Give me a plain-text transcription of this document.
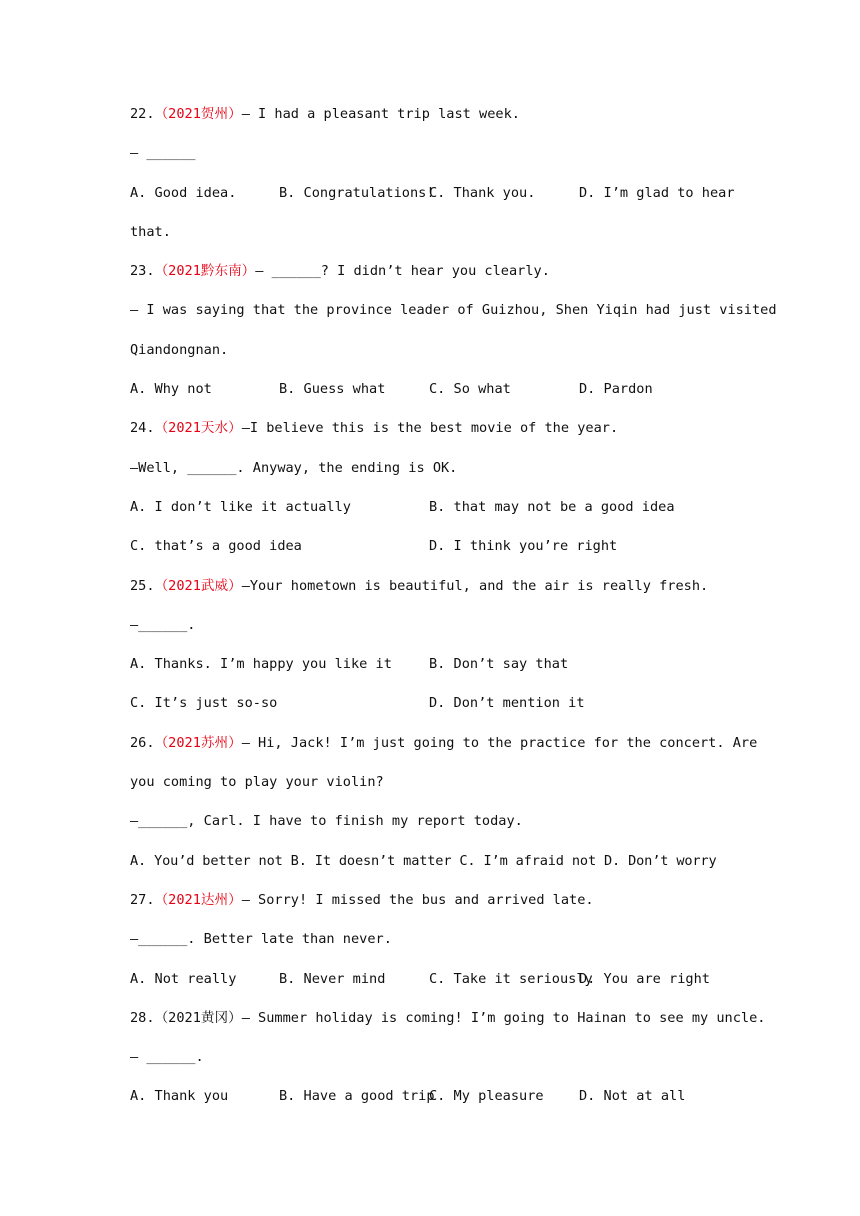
22.（2021贺州）— I had a pleasant trip last week.
— ______
A. Good idea.	B. Congratulations!
C. Thank you.	D. I’m glad to hear
that.
23.（2021黔东南）— ______? I didn’t hear you clearly.
— I was saying that the province leader of Guizhou, Shen Yiqin had just visited
Qiandongnan.
A. Why not	B. Guess what	C. So what	D. Pardon
24.（2021天水）—I believe this is the best movie of the year.
—Well, ______. Anyway, the ending is OK.
A. I don’t like it actually	B. that may not be a good idea
C. that’s a good idea	D. I think you’re right
25.（2021武威）—Your hometown is beautiful, and the air is really fresh.
—______.
A. Thanks. I’m happy you like it	B. Don’t say that
C. It’s just so-so	D. Don’t mention it
26.（2021苏州）— Hi, Jack! I’m just going to the practice for the concert. Are
you coming to play your violin?
—______, Carl. I have to finish my report today.
A. You’d better not B. It doesn’t matter C. I’m afraid not D. Don’t worry
27.（2021达州）— Sorry! I missed the bus and arrived late.
—______. Better late than never.
A. Not really	B. Never mind	C. Take it seriously
D. You are right
28.（2021黄冈）— Summer holiday is coming! I’m going to Hainan to see my uncle.
— ______.
A. Thank you	B. Have a good trip
C. My pleasure	D. Not at all
